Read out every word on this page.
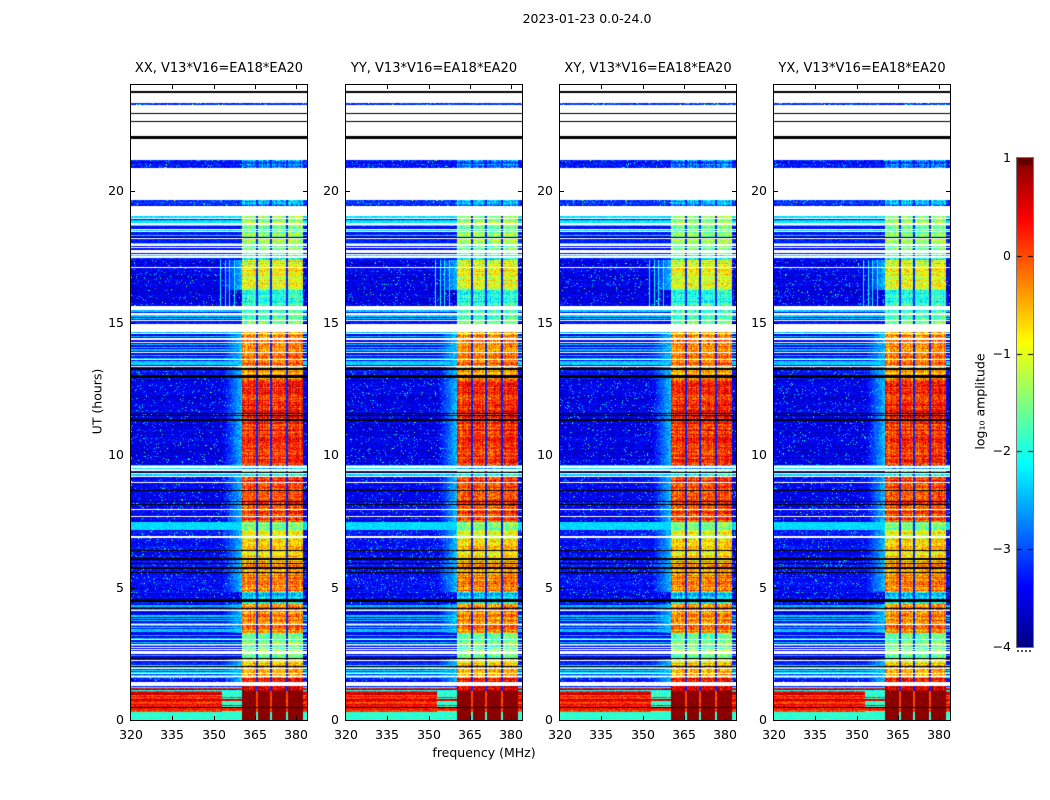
2023-01-23 0.0-24.0
XX, V13*V16=EA18*EA20
320 335 350 365 380
0
5
10
15
20
YY, V13*V16=EA18*EA20
320 335 350 365 380
0
5
10
15
20
XY, V13*V16=EA18*EA20
320 335 350 365 380
0
5
10
15
20
YX, V13*V16=EA18*EA20
320 335 350 365 380
0
5
10
15
20
frequency (MHz)
UT (hours)
1
0
−1
−2
−3
−4
log₁₀ amplitude
